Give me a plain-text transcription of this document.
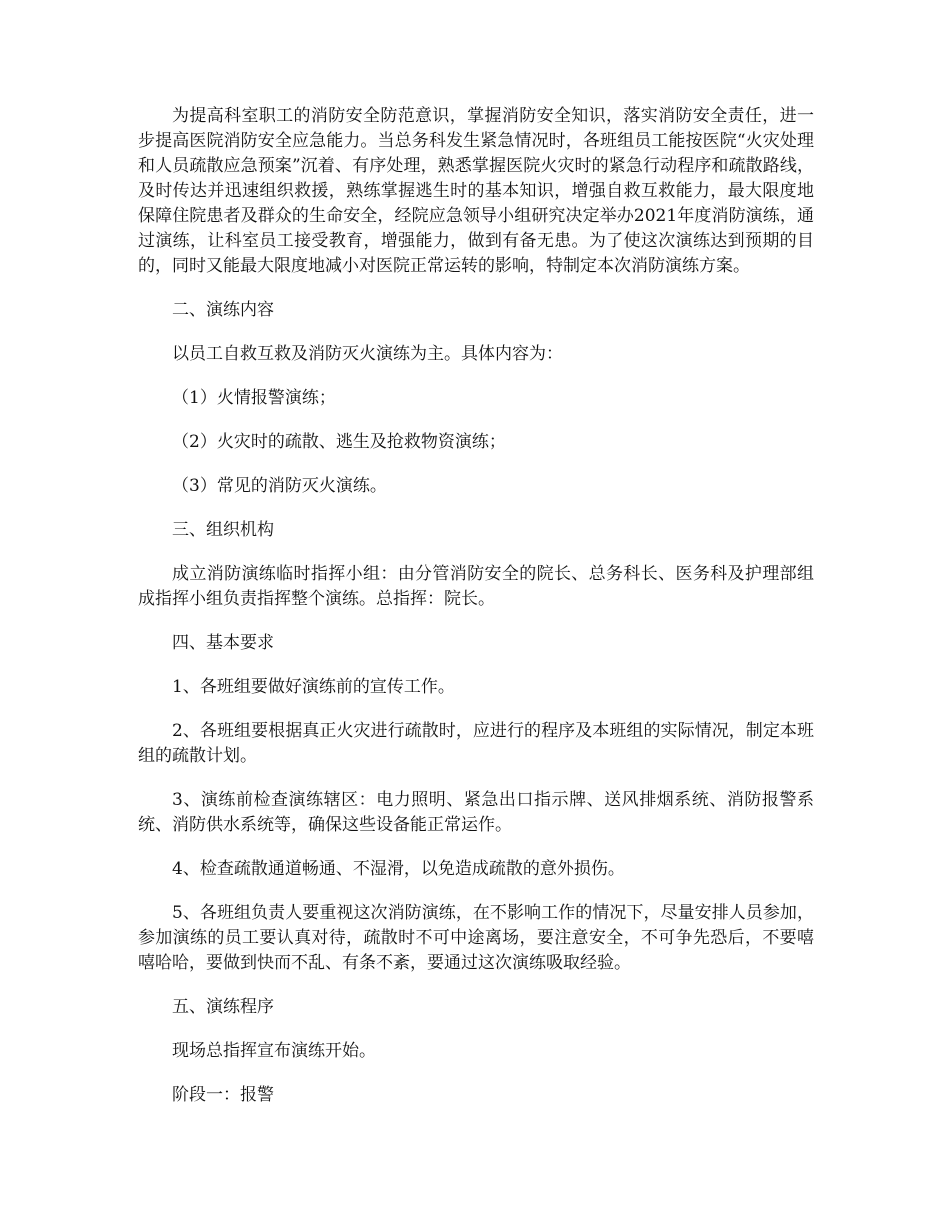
为提高科室职工的消防安全防范意识，掌握消防安全知识，落实消防安全责任，进一步提高医院消防安全应急能力。当总务科发生紧急情况时，各班组员工能按医院“火灾处理和人员疏散应急预案”沉着、有序处理，熟悉掌握医院火灾时的紧急行动程序和疏散路线，及时传达并迅速组织救援，熟练掌握逃生时的基本知识，增强自救互救能力，最大限度地保障住院患者及群众的生命安全，经院应急领导小组研究决定举办2021年度消防演练，通过演练，让科室员工接受教育，增强能力，做到有备无患。为了使这次演练达到预期的目的，同时又能最大限度地减小对医院正常运转的影响，特制定本次消防演练方案。

二、演练内容

以员工自救互救及消防灭火演练为主。具体内容为：

（1）火情报警演练；

（2）火灾时的疏散、逃生及抢救物资演练；

（3）常见的消防灭火演练。

三、组织机构

成立消防演练临时指挥小组：由分管消防安全的院长、总务科长、医务科及护理部组成指挥小组负责指挥整个演练。总指挥：院长。

四、基本要求

1、各班组要做好演练前的宣传工作。

2、各班组要根据真正火灾进行疏散时，应进行的程序及本班组的实际情况，制定本班组的疏散计划。

3、演练前检查演练辖区：电力照明、紧急出口指示牌、送风排烟系统、消防报警系统、消防供水系统等，确保这些设备能正常运作。

4、检查疏散通道畅通、不湿滑，以免造成疏散的意外损伤。

5、各班组负责人要重视这次消防演练，在不影响工作的情况下，尽量安排人员参加，参加演练的员工要认真对待，疏散时不可中途离场，要注意安全，不可争先恐后，不要嘻嘻哈哈，要做到快而不乱、有条不紊，要通过这次演练吸取经验。

五、演练程序

现场总指挥宣布演练开始。

阶段一：报警
